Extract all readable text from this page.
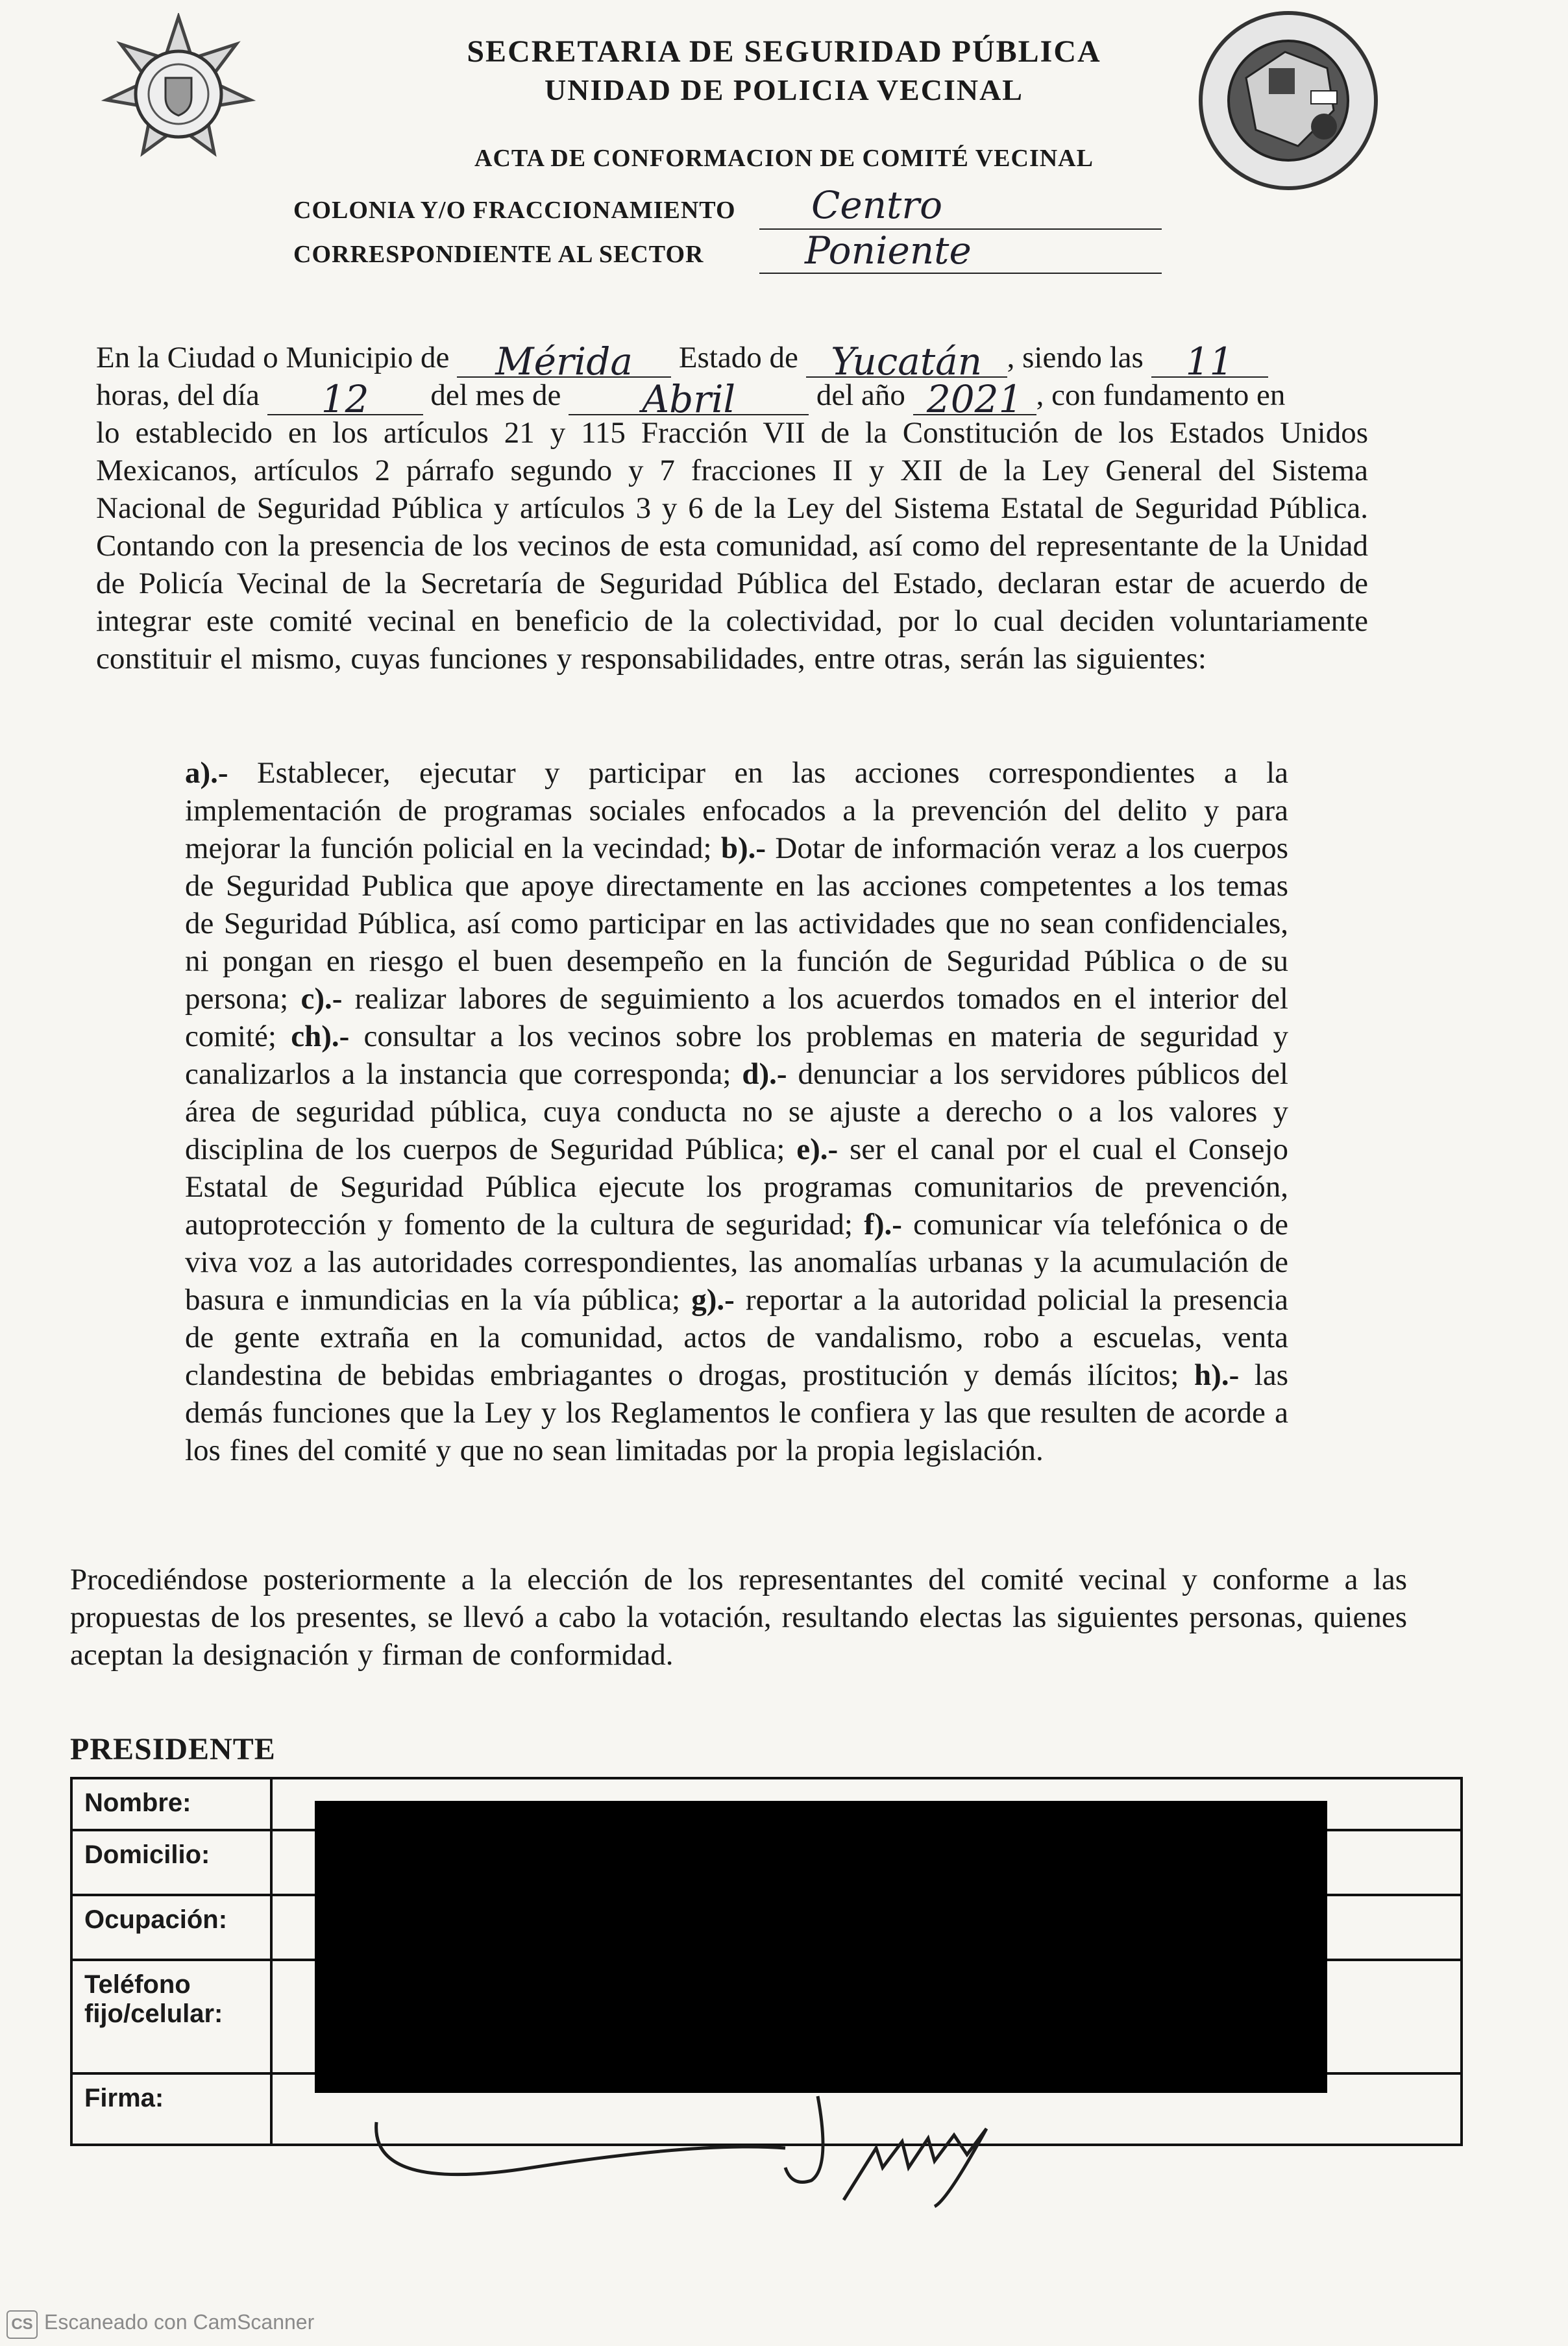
SECRETARIA DE SEGURIDAD PÚBLICA
UNIDAD DE POLICIA VECINAL
ACTA DE CONFORMACION DE COMITÉ VECINAL
COLONIA Y/O FRACCIONAMIENTO Centro
CORRESPONDIENTE AL SECTOR	Poniente
En la Ciudad o Municipio de	Mérida	Estado de Yucatán , siendo las	11

horas, del día	12	del mes de	Abril	del año 2021 , con fundamento en
lo establecido en los artículos 21 y 115 Fracción VII de la Constitución de los Estados Unidos Mexicanos, artículos 2 párrafo segundo y 7 fracciones II y XII de la Ley General del Sistema Nacional de Seguridad Pública y artículos 3 y 6 de la Ley del Sistema Estatal de Seguridad Pública. Contando con la presencia de los vecinos de esta comunidad, así como del representante de la Unidad de Policía Vecinal de la Secretaría de Seguridad Pública del Estado, declaran estar de acuerdo de integrar este comité vecinal en beneficio de la colectividad, por lo cual deciden voluntariamente constituir el mismo, cuyas funciones y responsabilidades, entre otras, serán las siguientes:
a).- Establecer, ejecutar y participar en las acciones correspondientes a la implementación de programas sociales enfocados a la prevención del delito y para mejorar la función policial en la vecindad; b).- Dotar de información veraz a los cuerpos de Seguridad Publica que apoye directamente en las acciones competentes a los temas de Seguridad Pública, así como participar en las actividades que no sean confidenciales, ni pongan en riesgo el buen desempeño en la función de Seguridad Pública o de su persona; c).- realizar labores de seguimiento a los acuerdos tomados en el interior del comité; ch).- consultar a los vecinos sobre los problemas en materia de seguridad y canalizarlos a la instancia que corresponda; d).- denunciar a los servidores públicos del área de seguridad pública, cuya conducta no se ajuste a derecho o a los valores y disciplina de los cuerpos de Seguridad Pública; e).- ser el canal por el cual el Consejo Estatal de Seguridad Pública ejecute los programas comunitarios de prevención, autoprotección y fomento de la cultura de seguridad; f).- comunicar vía telefónica o de viva voz a las autoridades correspondientes, las anomalías urbanas y la acumulación de basura e inmundicias en la vía pública; g).- reportar a la autoridad policial la presencia de gente extraña en la comunidad, actos de vandalismo, robo a escuelas, venta clandestina de bebidas embriagantes o drogas, prostitución y demás ilícitos; h).- las demás funciones que la Ley y los Reglamentos le confiera y las que resulten de acorde a los fines del comité y que no sean limitadas por la propia legislación.
Procediéndose posteriormente a la elección de los representantes del comité vecinal y conforme a las propuestas de los presentes, se llevó a cabo la votación, resultando electas las siguientes personas, quienes aceptan la designación y firman de conformidad.
PRESIDENTE
Nombre:	
Domicilio:	
Ocupación:	
Teléfono fijo/celular:	
Firma:	
CS Escaneado con CamScanner
